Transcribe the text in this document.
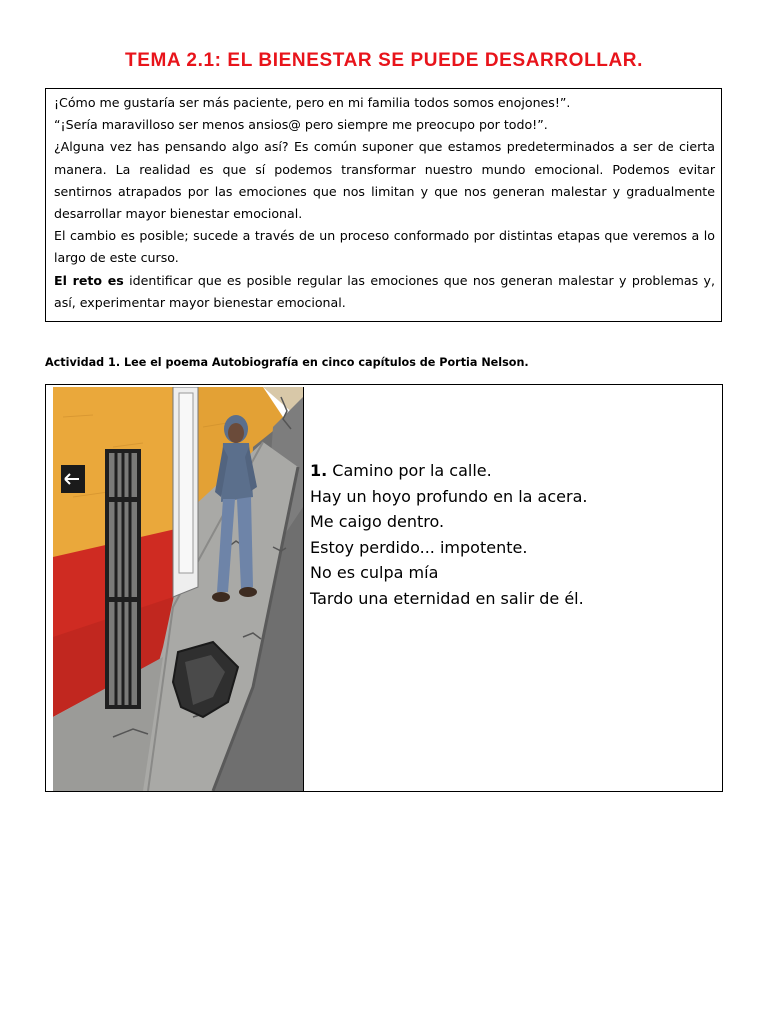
TEMA 2.1: EL BIENESTAR SE PUEDE DESARROLLAR.

¡Cómo me gustaría ser más paciente, pero en mi familia todos somos enojones!”.

“¡Sería maravilloso ser menos ansios@ pero siempre me preocupo por todo!”.

¿Alguna vez has pensando algo así? Es común suponer que estamos predeterminados a ser de cierta manera. La realidad es que sí podemos transformar nuestro mundo emocional. Podemos evitar sentirnos atrapados por las emociones que nos limitan y que nos generan malestar y gradualmente desarrollar mayor bienestar emocional.

El cambio es posible; sucede a través de un proceso conformado por distintas etapas que veremos a lo largo de este curso.

El reto es identificar que es posible regular las emociones que nos generan malestar y problemas y, así, experimentar mayor bienestar emocional.

Actividad 1. Lee el poema Autobiografía en cinco capítulos de Portia Nelson.
1. Camino por la calle.
Hay un hoyo profundo en la acera.
Me caigo dentro.
Estoy perdido... impotente.
No es culpa mía
Tardo una eternidad en salir de él.
